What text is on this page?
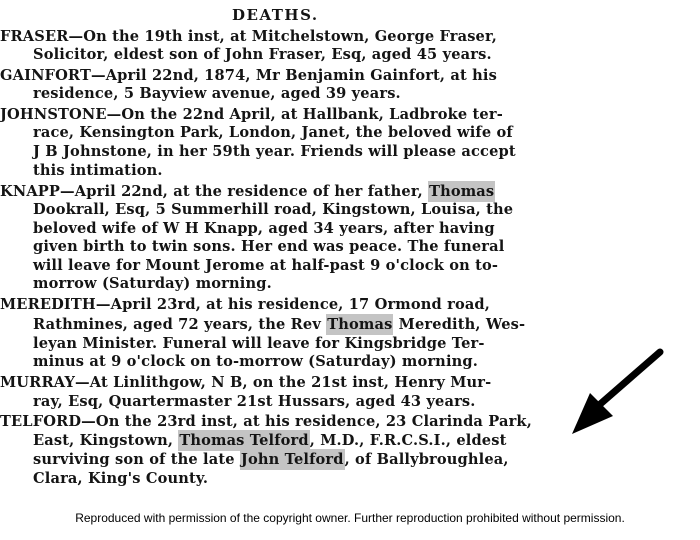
DEATHS.
FRASER—On the 19th inst, at Mitchelstown, George Fraser,
Solicitor, eldest son of John Fraser, Esq, aged 45 years.
GAINFORT—April 22nd, 1874, Mr Benjamin Gainfort, at his
residence, 5 Bayview avenue, aged 39 years.
JOHNSTONE—On the 22nd April, at Hallbank, Ladbroke ter-
race, Kensington Park, London, Janet, the beloved wife of
J B Johnstone, in her 59th year. Friends will please accept
this intimation.
KNAPP—April 22nd, at the residence of her father, Thomas
Dookrall, Esq, 5 Summerhill road, Kingstown, Louisa, the
beloved wife of W H Knapp, aged 34 years, after having
given birth to twin sons. Her end was peace. The funeral
will leave for Mount Jerome at half-past 9 o'clock on to-
morrow (Saturday) morning.
MEREDITH—April 23rd, at his residence, 17 Ormond road,
Rathmines, aged 72 years, the Rev Thomas Meredith, Wes-
leyan Minister. Funeral will leave for Kingsbridge Ter-
minus at 9 o'clock on to-morrow (Saturday) morning.
MURRAY—At Linlithgow, N B, on the 21st inst, Henry Mur-
ray, Esq, Quartermaster 21st Hussars, aged 43 years.
TELFORD—On the 23rd inst, at his residence, 23 Clarinda Park,
East, Kingstown, Thomas Telford, M.D., F.R.C.S.I., eldest
surviving son of the late John Telford, of Ballybroughlea,
Clara, King's County.
Reproduced with permission of the copyright owner. Further reproduction prohibited without permission.
